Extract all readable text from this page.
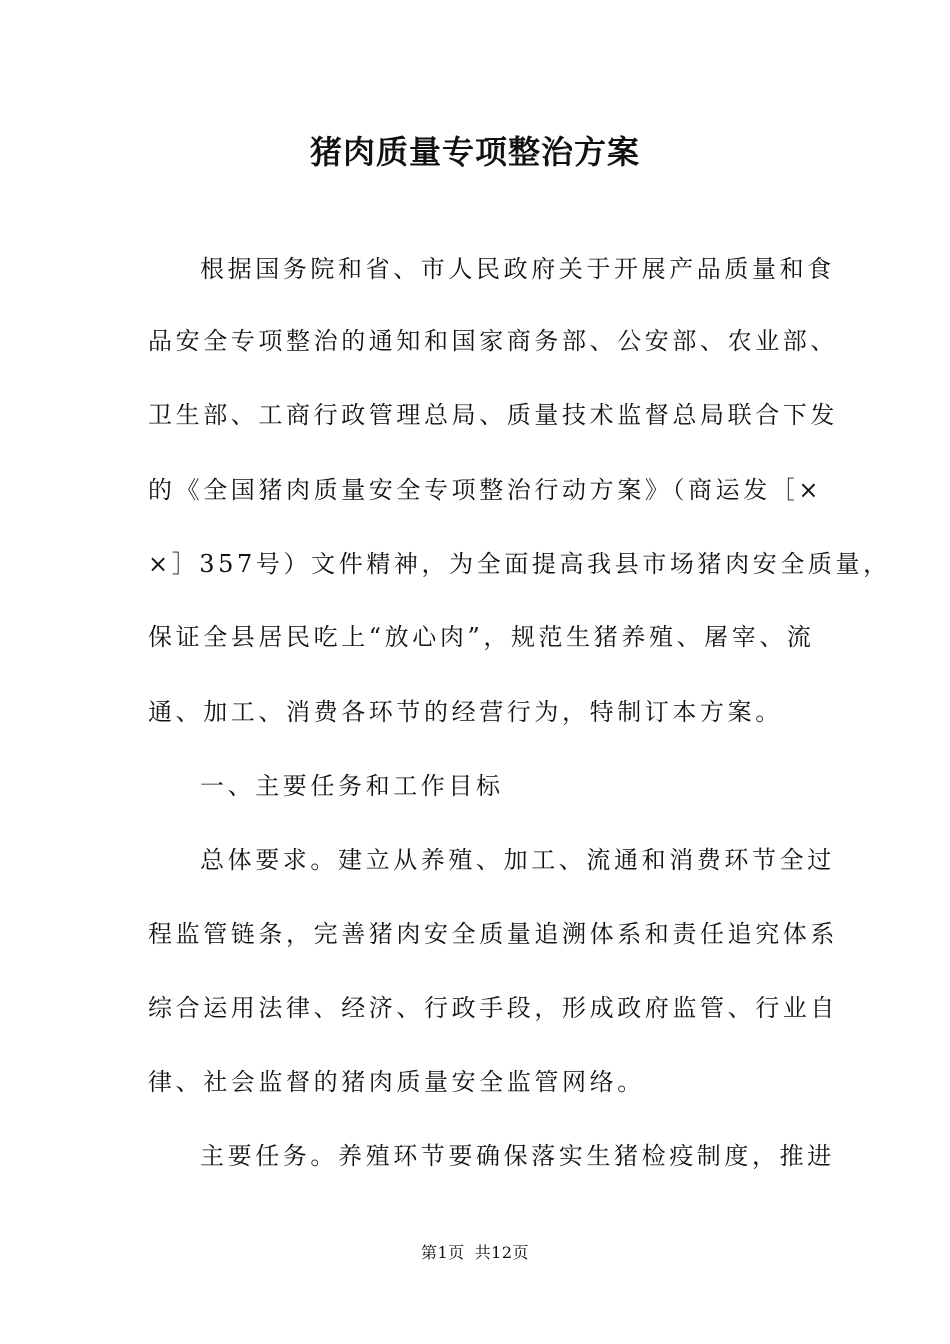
猪肉质量专项整治方案
根据国务院和省、市人民政府关于开展产品质量和食
品安全专项整治的通知和国家商务部、公安部、农业部、
卫生部、工商行政管理总局、质量技术监督总局联合下发
的《全国猪肉质量安全专项整治行动方案》（商运发［×
×］357号）文件精神，为全面提高我县市场猪肉安全质量，
保证全县居民吃上“放心肉”，规范生猪养殖、屠宰、流
通、加工、消费各环节的经营行为，特制订本方案。
一、主要任务和工作目标
总体要求。建立从养殖、加工、流通和消费环节全过
程监管链条，完善猪肉安全质量追溯体系和责任追究体系
综合运用法律、经济、行政手段，形成政府监管、行业自
律、社会监督的猪肉质量安全监管网络。
主要任务。养殖环节要确保落实生猪检疫制度，推进
第1页 共12页
